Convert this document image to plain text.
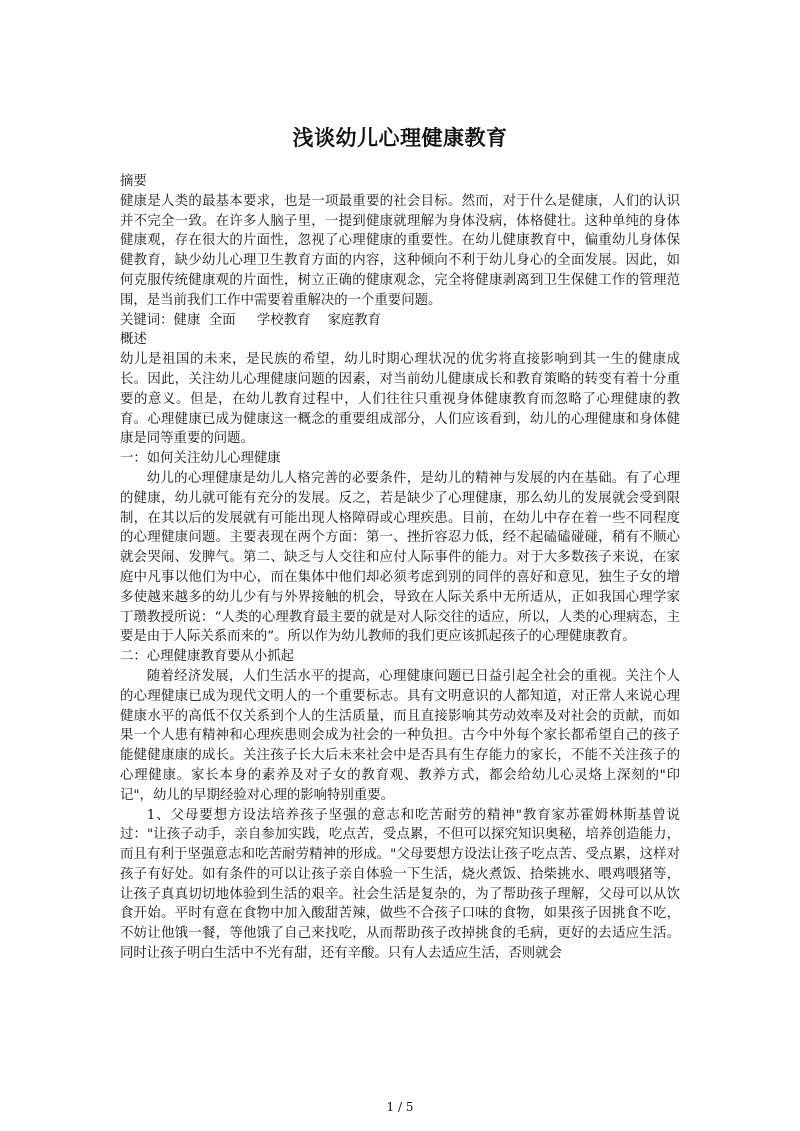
浅谈幼儿心理健康教育

摘要

健康是人类的最基本要求，也是一项最重要的社会目标。然而，对于什么是健康，人们的认识并不完全一致。在许多人脑子里，一提到健康就理解为身体没病，体格健壮。这种单纯的身体健康观，存在很大的片面性，忽视了心理健康的重要性。在幼儿健康教育中，偏重幼儿身体保健教育，缺少幼儿心理卫生教育方面的内容，这种倾向不利于幼儿身心的全面发展。因此，如何克服传统健康观的片面性，树立正确的健康观念，完全将健康剥离到卫生保健工作的管理范围，是当前我们工作中需要着重解决的一个重要问题。

关键词：健康  全面     学校教育    家庭教育

概述

幼儿是祖国的未来，是民族的希望，幼儿时期心理状况的优劣将直接影响到其一生的健康成长。因此，关注幼儿心理健康问题的因素，对当前幼儿健康成长和教育策略的转变有着十分重要的意义。但是，在幼儿教育过程中，人们往往只重视身体健康教育而忽略了心理健康的教育。心理健康已成为健康这一概念的重要组成部分，人们应该看到，幼儿的心理健康和身体健康是同等重要的问题。

一：如何关注幼儿心理健康

幼儿的心理健康是幼儿人格完善的必要条件，是幼儿的精神与发展的内在基础。有了心理的健康，幼儿就可能有充分的发展。反之，若是缺少了心理健康，那么幼儿的发展就会受到限制，在其以后的发展就有可能出现人格障碍或心理疾患。目前，在幼儿中存在着一些不同程度的心理健康问题。主要表现在两个方面：第一、挫折容忍力低，经不起磕磕碰碰，稍有不顺心就会哭闹、发脾气。第二、缺乏与人交往和应付人际事件的能力。对于大多数孩子来说，在家庭中凡事以他们为中心，而在集体中他们却必须考虑到别的同伴的喜好和意见，独生子女的增多使越来越多的幼儿少有与外界接触的机会，导致在人际关系中无所适从，正如我国心理学家丁瓒教授所说：“人类的心理教育最主要的就是对人际交往的适应，所以，人类的心理病态，主要是由于人际关系而来的”。所以作为幼儿教师的我们更应该抓起孩子的心理健康教育。

二：心理健康教育要从小抓起

随着经济发展，人们生活水平的提高，心理健康问题已日益引起全社会的重视。关注个人的心理健康已成为现代文明人的一个重要标志。具有文明意识的人都知道，对正常人来说心理健康水平的高低不仅关系到个人的生活质量，而且直接影响其劳动效率及对社会的贡献，而如果一个人患有精神和心理疾患则会成为社会的一种负担。古今中外每个家长都希望自己的孩子能健健康康的成长。关注孩子长大后未来社会中是否具有生存能力的家长，不能不关注孩子的心理健康。家长本身的素养及对子女的教育观、教养方式，都会给幼儿心灵烙上深刻的"印记"，幼儿的早期经验对心理的影响特别重要。

1、父母要想方设法培养孩子坚强的意志和吃苦耐劳的精神"教育家苏霍姆林斯基曾说过："让孩子动手，亲自参加实践，吃点苦，受点累，不但可以探究知识奥秘，培养创造能力，而且有利于坚强意志和吃苦耐劳精神的形成。"父母要想方设法让孩子吃点苦、受点累，这样对孩子有好处。如有条件的可以让孩子亲自体验一下生活，烧火煮饭、拾柴挑水、喂鸡喂猪等，让孩子真真切切地体验到生活的艰辛。社会生活是复杂的，为了帮助孩子理解，父母可以从饮食开始。平时有意在食物中加入酸甜苦辣，做些不合孩子口味的食物，如果孩子因挑食不吃，不妨让他饿一餐，等他饿了自己来找吃，从而帮助孩子改掉挑食的毛病，更好的去适应生活。同时让孩子明白生活中不光有甜，还有辛酸。只有人去适应生活，否则就会

1 / 5
